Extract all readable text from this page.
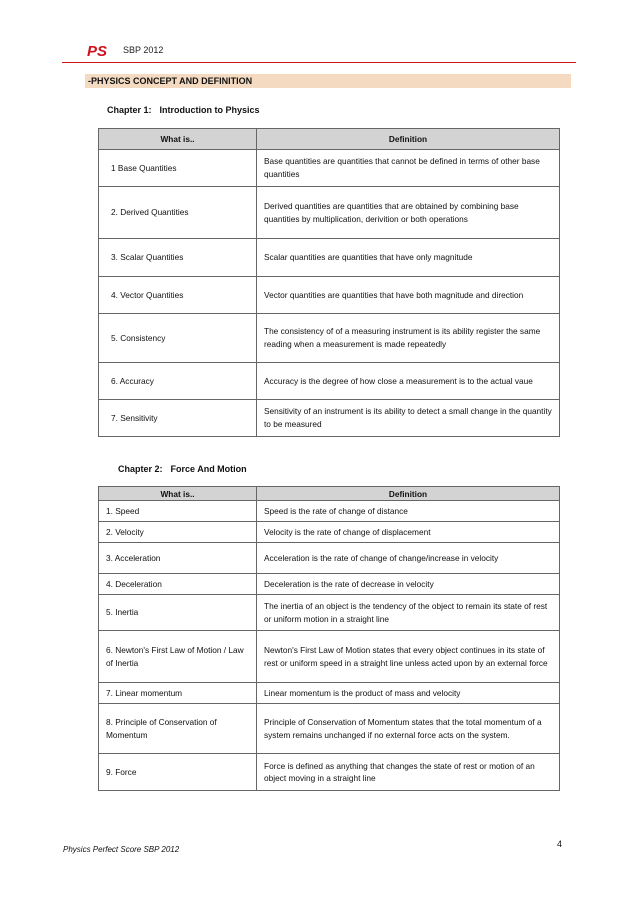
PS SBP 2012
-PHYSICS CONCEPT AND DEFINITION
Chapter 1: Introduction to Physics
What is..	Definition
1 Base Quantities	Base quantities are quantities that cannot be defined in terms of other base quantities
2. Derived Quantities	Derived quantities are quantities that are obtained by combining base quantities by multiplication, derivition or both operations
3. Scalar Quantities	Scalar quantities are quantities that have only magnitude
4. Vector Quantities	Vector quantities are quantities that have both magnitude and direction
5. Consistency	The consistency of of a measuring instrument is its ability register the same reading when a measurement is made repeatedly
6. Accuracy	Accuracy is the degree of how close a measurement is to the actual vaue
7. Sensitivity	Sensitivity of an instrument is its ability to detect a small change in the quantity to be measured
Chapter 2: Force And Motion
What is..	Definition
1. Speed	Speed is the rate of change of distance
2. Velocity	Velocity is the rate of change of displacement
3. Acceleration	Acceleration is the rate of change of change/increase in velocity
4. Deceleration	Deceleration is the rate of decrease in velocity
5. Inertia	The inertia of an object is the tendency of the object to remain its state of rest or uniform motion in a straight line
6. Newton's First Law of Motion / Law of Inertia	Newton's First Law of Motion states that every object continues in its state of rest or uniform speed in a straight line unless acted upon by an external force
7. Linear momentum	Linear momentum is the product of mass and velocity
8. Principle of Conservation of Momentum	Principle of Conservation of Momentum states that the total momentum of a system remains unchanged if no external force acts on the system.
9. Force	Force is defined as anything that changes the state of rest or motion of an object moving in a straight line
Physics Perfect Score SBP 2012
4
